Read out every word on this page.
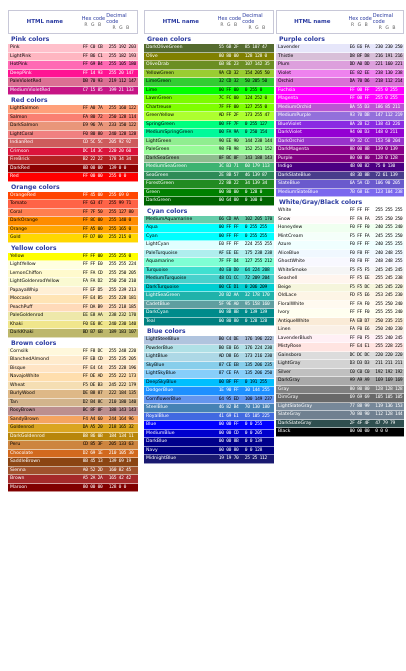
HTML name	Hex code
R G B
Decimal code
R G B
Pink colors
Pink	FF C0 CB	255 192 203
LightPink	FF B6 C1	255 182 193
HotPink	FF 69 B4	255 105 180
DeepPink	FF 14 93	255 20 147
PaleVioletRed	DB 70 93	219 112 147
MediumVioletRed	C7 15 85	199 21 133
Red colors
LightSalmon	FF A0 7A	255 160 122
Salmon	FA 80 72	250 128 114
DarkSalmon	E9 96 7A	233 150 122
LightCoral	F0 80 80	240 128 128
IndianRed	CD 5C 5C	205 92 92
Crimson	DC 14 3C	220 20 60
FireBrick	B2 22 22	178 34 34
DarkRed	8B 00 00	139 0 0
Red	FF 00 00	255 0 0
Orange colors
OrangeRed	FF 45 00	255 69 0
Tomato	FF 63 47	255 99 71
Coral	FF 7F 50	255 127 80
DarkOrange	FF 8C 00	255 140 0
Orange	FF A5 00	255 165 0
Gold	FF D7 00	255 215 0
Yellow colors
Yellow	FF FF 00	255 255 0
LightYellow	FF FF E0	255 255 224
LemonChiffon	FF FA CD	255 250 205
LightGoldenrodYellow	FA FA D2	250 250 210
PapayaWhip	FF EF D5	255 239 213
Moccasin	FF E4 B5	255 228 181
PeachPuff	FF DA B9	255 218 185
PaleGoldenrod	EE E8 AA	238 232 170
Khaki	F0 E6 8C	240 230 140
DarkKhaki	BD B7 6B	189 183 107
Brown colors
Cornsilk	FF F8 DC	255 248 220
BlanchedAlmond	FF EB CD	255 235 205
Bisque	FF E4 C4	255 228 196
NavajoWhite	FF DE AD	255 222 173
Wheat	F5 DE B3	245 222 179
BurlyWood	DE B8 87	222 184 135
Tan	D2 B4 8C	210 180 140
RosyBrown	BC 8F 8F	188 143 143
SandyBrown	F4 A4 60	244 164 96
Goldenrod	DA A5 20	218 165 32
DarkGoldenrod	B8 86 0B	184 134 11
Peru	CD 85 3F	205 133 63
Chocolate	D2 69 1E	210 105 30
SaddleBrown	8B 45 13	139 69 19
Sienna	A0 52 2D	160 82 45
Brown	A5 2A 2A	165 42 42
Maroon	80 00 00	128 0 0
HTML name	Hex code
R G B
Decimal code
R G B
Green colors
DarkOliveGreen	55 6B 2F	85 107 47
Olive	80 80 00	128 128 0
OliveDrab	6B 8E 23	107 142 35
YellowGreen	9A CD 32	154 205 50
LimeGreen	32 CD 32	50 205 50
Lime	00 FF 00	0 255 0
LawnGreen	7C FC 00	124 252 0
Chartreuse	7F FF 00	127 255 0
GreenYellow	AD FF 2F	173 255 47
SpringGreen	00 FF 7F	0 255 127
MediumSpringGreen	00 FA 9A	0 250 154
LightGreen	90 EE 90	144 238 144
PaleGreen	98 FB 98	152 251 152
DarkSeaGreen	8F BC 8F	143 188 143
MediumSeaGreen	3C B3 71	60 179 113
SeaGreen	2E 8B 57	46 139 87
ForestGreen	22 8B 22	34 139 34
Green	00 80 00	0 128 0
DarkGreen	00 64 00	0 100 0
Cyan colors
MediumAquamarine	66 CD AA	102 205 170
Aqua	00 FF FF	0 255 255
Cyan	00 FF FF	0 255 255
LightCyan	E0 FF FF	224 255 255
PaleTurquoise	AF EE EE	175 238 238
Aquamarine	7F FF D4	127 255 212
Turquoise	40 E0 D0	64 224 208
MediumTurquoise	48 D1 CC	72 209 204
DarkTurquoise	00 CE D1	0 206 209
LightSeaGreen	20 B2 AA	32 178 170
CadetBlue	5F 9E A0	95 158 160
DarkCyan	00 8B 8B	0 139 139
Teal	00 80 80	0 128 128
Blue colors
LightSteelBlue	B0 C4 DE	176 196 222
PowderBlue	B0 E0 E6	176 224 230
LightBlue	AD D8 E6	173 216 230
SkyBlue	87 CE EB	135 206 235
LightSkyBlue	87 CE FA	135 206 250
DeepSkyBlue	00 BF FF	0 191 255
DodgerBlue	1E 90 FF	30 144 255
CornflowerBlue	64 95 ED	100 149 237
SteelBlue	46 82 B4	70 130 180
RoyalBlue	41 69 E1	65 105 225
Blue	00 00 FF	0 0 255
MediumBlue	00 00 CD	0 0 205
DarkBlue	00 00 8B	0 0 139
Navy	00 00 80	0 0 128
MidnightBlue	19 19 70	25 25 112
HTML name	Hex code
R G B
Decimal code
R G B
Purple colors
Lavender	E6 E6 FA	230 230 250
Thistle	D8 BF D8	216 191 216
Plum	DD A0 DD	221 160 221
Violet	EE 82 EE	238 130 238
Orchid	DA 70 D6	218 112 214
Fuchsia	FF 00 FF	255 0 255
Magenta	FF 00 FF	255 0 255
MediumOrchid	BA 55 D3	186 85 211
MediumPurple	93 70 DB	147 112 219
BlueViolet	8A 2B E2	138 43 226
DarkViolet	94 00 D3	148 0 211
DarkOrchid	99 32 CC	153 50 204
DarkMagenta	8B 00 8B	139 0 139
Purple	80 00 80	128 0 128
Indigo	4B 00 82	75 0 130
DarkSlateBlue	48 3D 8B	72 61 139
SlateBlue	6A 5A CD	106 90 205
MediumSlateBlue	7B 68 EE	123 104 238
White/Gray/Black colors
White	FF FF FF	255 255 255
Snow	FF FA FA	255 250 250
Honeydew	F0 FF F0	240 255 240
MintCream	F5 FF FA	245 255 250
Azure	F0 FF FF	240 255 255
AliceBlue	F0 F8 FF	240 248 255
GhostWhite	F8 F8 FF	248 248 255
WhiteSmoke	F5 F5 F5	245 245 245
Seashell	FF F5 EE	255 245 238
Beige	F5 F5 DC	245 245 220
OldLace	FD F5 E6	253 245 230
FloralWhite	FF FA F0	255 250 240
Ivory	FF FF F0	255 255 240
AntiqueWhite	FA EB D7	250 235 215
Linen	FA F0 E6	250 240 230
LavenderBlush	FF F0 F5	255 240 245
MistyRose	FF E4 E1	255 228 225
Gainsboro	DC DC DC	220 220 220
LightGray	D3 D3 D3	211 211 211
Silver	C0 C0 C0	192 192 192
DarkGray	A9 A9 A9	169 169 169
Gray	80 80 80	128 128 128
DimGray	69 69 69	105 105 105
LightSlateGray	77 88 99	119 136 153
SlateGray	70 80 90	112 128 144
DarkSlateGray	2F 4F 4F	47 79 79
Black	00 00 00	0 0 0
